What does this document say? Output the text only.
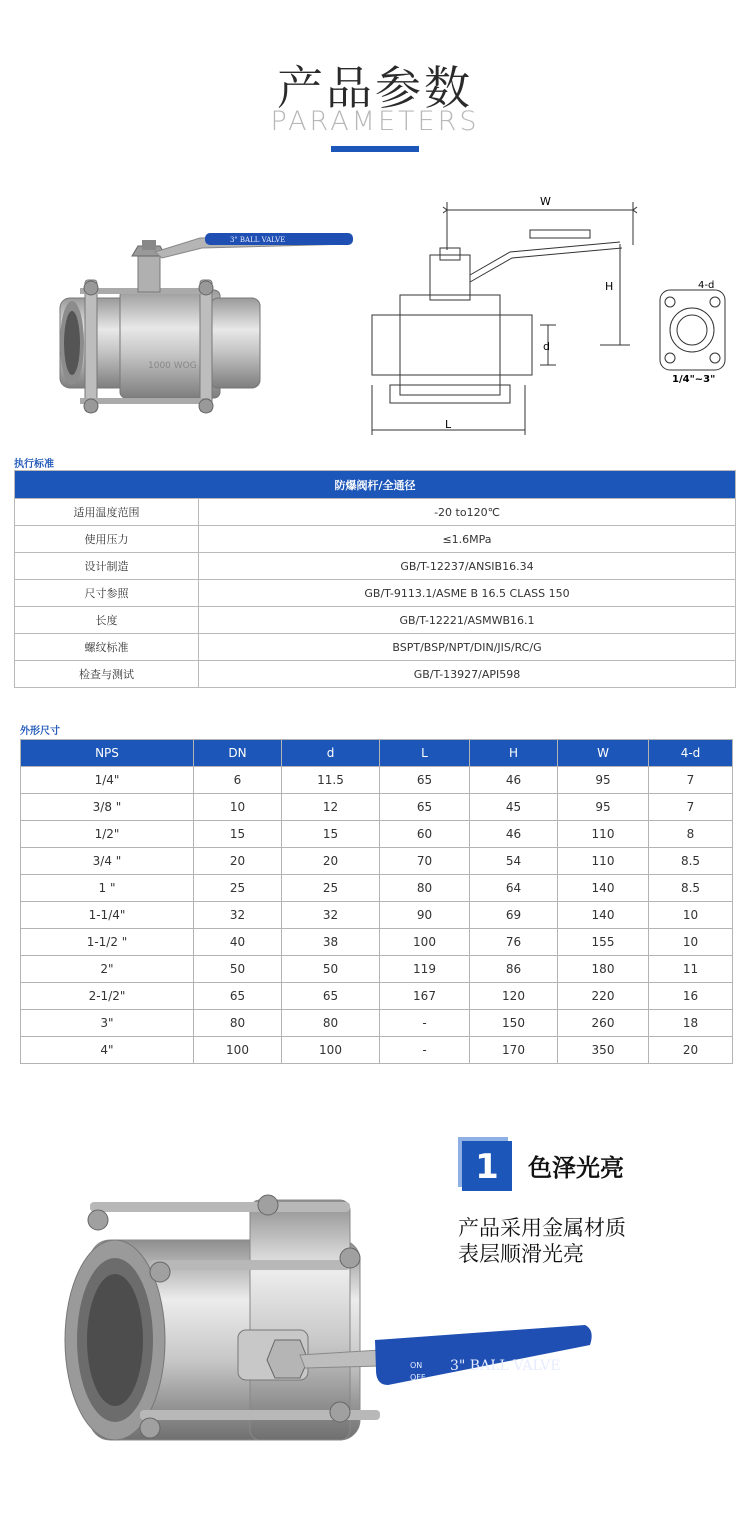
产品参数
PARAMETERS
3" BALL VALVE
1000 WOG
W
H
d
L
4-d
1/4"~3"
执行标准
防爆阀杆/全通径	
适用温度范围	-20 to120℃
使用压力	≤1.6MPa
设计制造	GB/T-12237/ANSIB16.34
尺寸参照	GB/T-9113.1/ASME B 16.5 CLASS 150
长度	GB/T-12221/ASMWB16.1
螺纹标准	BSPT/BSP/NPT/DIN/JIS/RC/G
检查与测试	GB/T-13927/API598
外形尺寸
NPS	DN	d	L	H	W	4-d
1/4"	6	11.5	65	46	95	7
3/8 "	10	12	65	45	95	7
1/2"	15	15	60	46	110	8
3/4 "	20	20	70	54	110	8.5
1 "	25	25	80	64	140	8.5
1-1/4"	32	32	90	69	140	10
1-1/2 "	40	38	100	76	155	10
2"	50	50	119	86	180	11
2-1/2"	65	65	167	120	220	16
3"	80	80	-	150	260	18
4"	100	100	-	170	350	20
1	色泽光亮
产品采用金属材质
表层顺滑光亮
ON
OFF
3" BALL VALVE
